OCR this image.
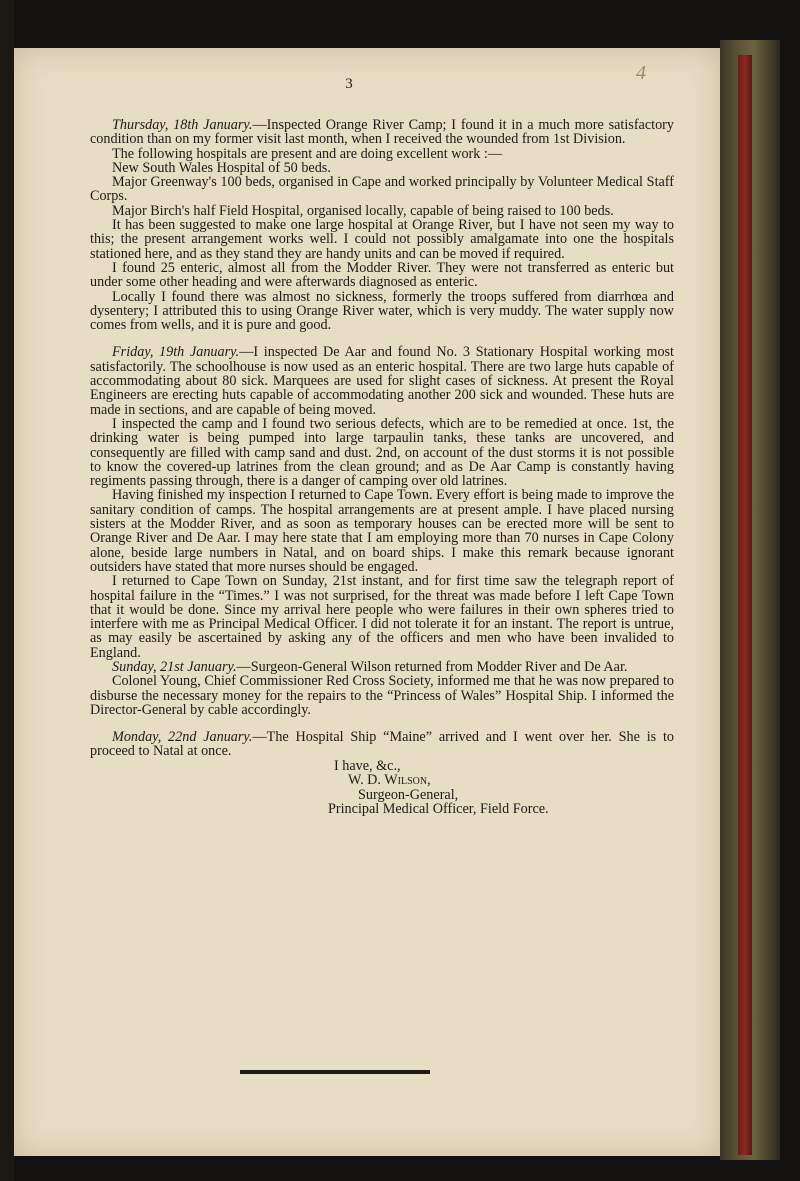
3	4

Thursday, 18th January.—Inspected Orange River Camp; I found it in a much more satisfactory condition than on my former visit last month, when I received the wounded from 1st Division.

The following hospitals are present and are doing excellent work :—

New South Wales Hospital of 50 beds.

Major Greenway's 100 beds, organised in Cape and worked principally by Volunteer Medical Staff Corps.

Major Birch's half Field Hospital, organised locally, capable of being raised to 100 beds.

It has been suggested to make one large hospital at Orange River, but I have not seen my way to this; the present arrangement works well. I could not possibly amalgamate into one the hospitals stationed here, and as they stand they are handy units and can be moved if required.

I found 25 enteric, almost all from the Modder River. They were not transferred as enteric but under some other heading and were afterwards diagnosed as enteric.

Locally I found there was almost no sickness, formerly the troops suffered from diarrhœa and dysentery; I attributed this to using Orange River water, which is very muddy. The water supply now comes from wells, and it is pure and good.

Friday, 19th January.—I inspected De Aar and found No. 3 Stationary Hospital working most satisfactorily. The schoolhouse is now used as an enteric hospital. There are two large huts capable of accommodating about 80 sick. Marquees are used for slight cases of sickness. At present the Royal Engineers are erecting huts capable of accommodating another 200 sick and wounded. These huts are made in sections, and are capable of being moved.

I inspected the camp and I found two serious defects, which are to be remedied at once. 1st, the drinking water is being pumped into large tarpaulin tanks, these tanks are uncovered, and consequently are filled with camp sand and dust. 2nd, on account of the dust storms it is not possible to know the covered-up latrines from the clean ground; and as De Aar Camp is constantly having regiments passing through, there is a danger of camping over old latrines.

Having finished my inspection I returned to Cape Town. Every effort is being made to improve the sanitary condition of camps. The hospital arrangements are at present ample. I have placed nursing sisters at the Modder River, and as soon as temporary houses can be erected more will be sent to Orange River and De Aar. I may here state that I am employing more than 70 nurses in Cape Colony alone, beside large numbers in Natal, and on board ships. I make this remark because ignorant outsiders have stated that more nurses should be engaged.

I returned to Cape Town on Sunday, 21st instant, and for first time saw the telegraph report of hospital failure in the “Times.” I was not surprised, for the threat was made before I left Cape Town that it would be done. Since my arrival here people who were failures in their own spheres tried to interfere with me as Principal Medical Officer. I did not tolerate it for an instant. The report is untrue, as may easily be ascertained by asking any of the officers and men who have been invalided to England.

Sunday, 21st January.—Surgeon-General Wilson returned from Modder River and De Aar.

Colonel Young, Chief Commissioner Red Cross Society, informed me that he was now prepared to disburse the necessary money for the repairs to the “Princess of Wales” Hospital Ship. I informed the Director-General by cable accordingly.

Monday, 22nd January.—The Hospital Ship “Maine” arrived and I went over her. She is to proceed to Natal at once.

I have, &c.,
W. D. Wilson,
Surgeon-General,
Principal Medical Officer, Field Force.
